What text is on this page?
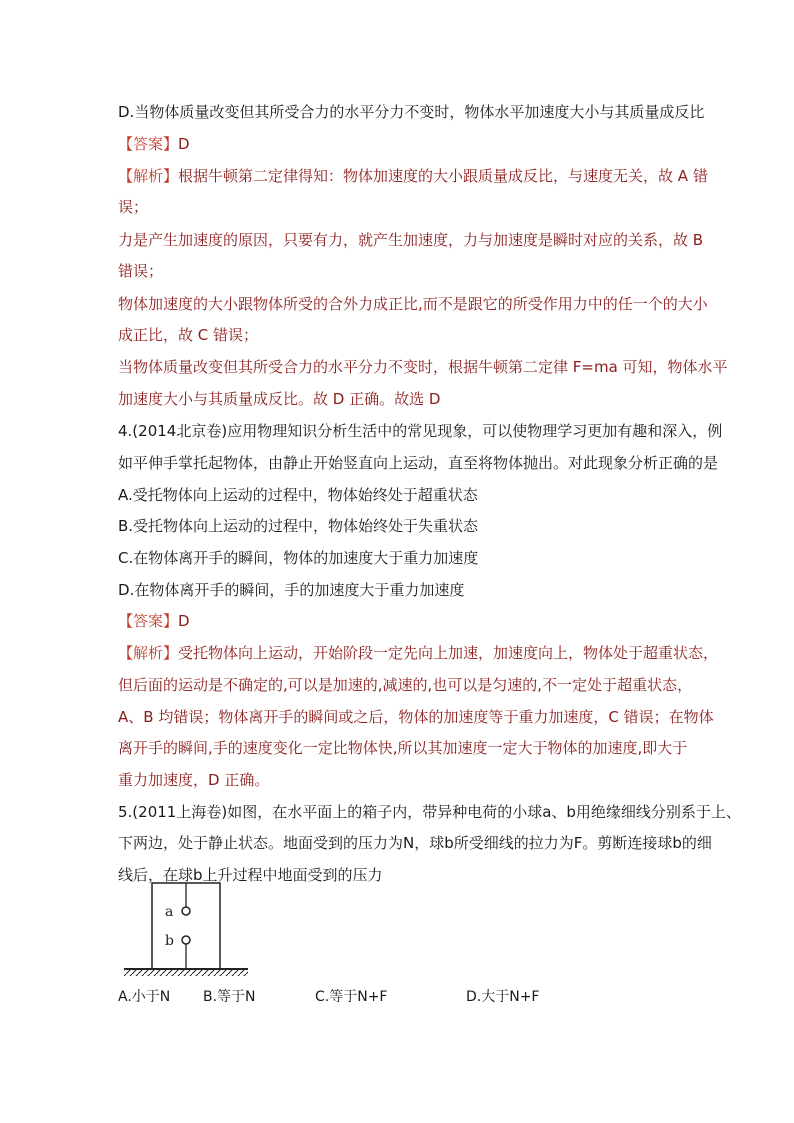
D.当物体质量改变但其所受合力的水平分力不变时，物体水平加速度大小与其质量成反比
【答案】D
【解析】根据牛顿第二定律得知：物体加速度的大小跟质量成反比，与速度无关，故 A 错
误；
力是产生加速度的原因，只要有力，就产生加速度，力与加速度是瞬时对应的关系，故 B
错误；
物体加速度的大小跟物体所受的合外力成正比,而不是跟它的所受作用力中的任一个的大小
成正比，故 C 错误；
当物体质量改变但其所受合力的水平分力不变时，根据牛顿第二定律 F=ma 可知，物体水平
加速度大小与其质量成反比。故 D 正确。故选 D
4.(2014北京卷)应用物理知识分析生活中的常见现象，可以使物理学习更加有趣和深入，例
如平伸手掌托起物体，由静止开始竖直向上运动，直至将物体抛出。对此现象分析正确的是
A.受托物体向上运动的过程中，物体始终处于超重状态
B.受托物体向上运动的过程中，物体始终处于失重状态
C.在物体离开手的瞬间，物体的加速度大于重力加速度
D.在物体离开手的瞬间，手的加速度大于重力加速度
【答案】D
【解析】受托物体向上运动，开始阶段一定先向上加速，加速度向上，物体处于超重状态，
但后面的运动是不确定的,可以是加速的,减速的,也可以是匀速的,不一定处于超重状态，
A、B 均错误；物体离开手的瞬间或之后，物体的加速度等于重力加速度，C 错误；在物体
离开手的瞬间,手的速度变化一定比物体快,所以其加速度一定大于物体的加速度,即大于
重力加速度，D 正确。
5.(2011上海卷)如图，在水平面上的箱子内，带异种电荷的小球a、b用绝缘细线分别系于上、
下两边，处于静止状态。地面受到的压力为N，球b所受细线的拉力为F。剪断连接球b的细
线后，在球b上升过程中地面受到的压力
a
b
A.小于N B.等于N	C.等于N+F	D.大于N+F
